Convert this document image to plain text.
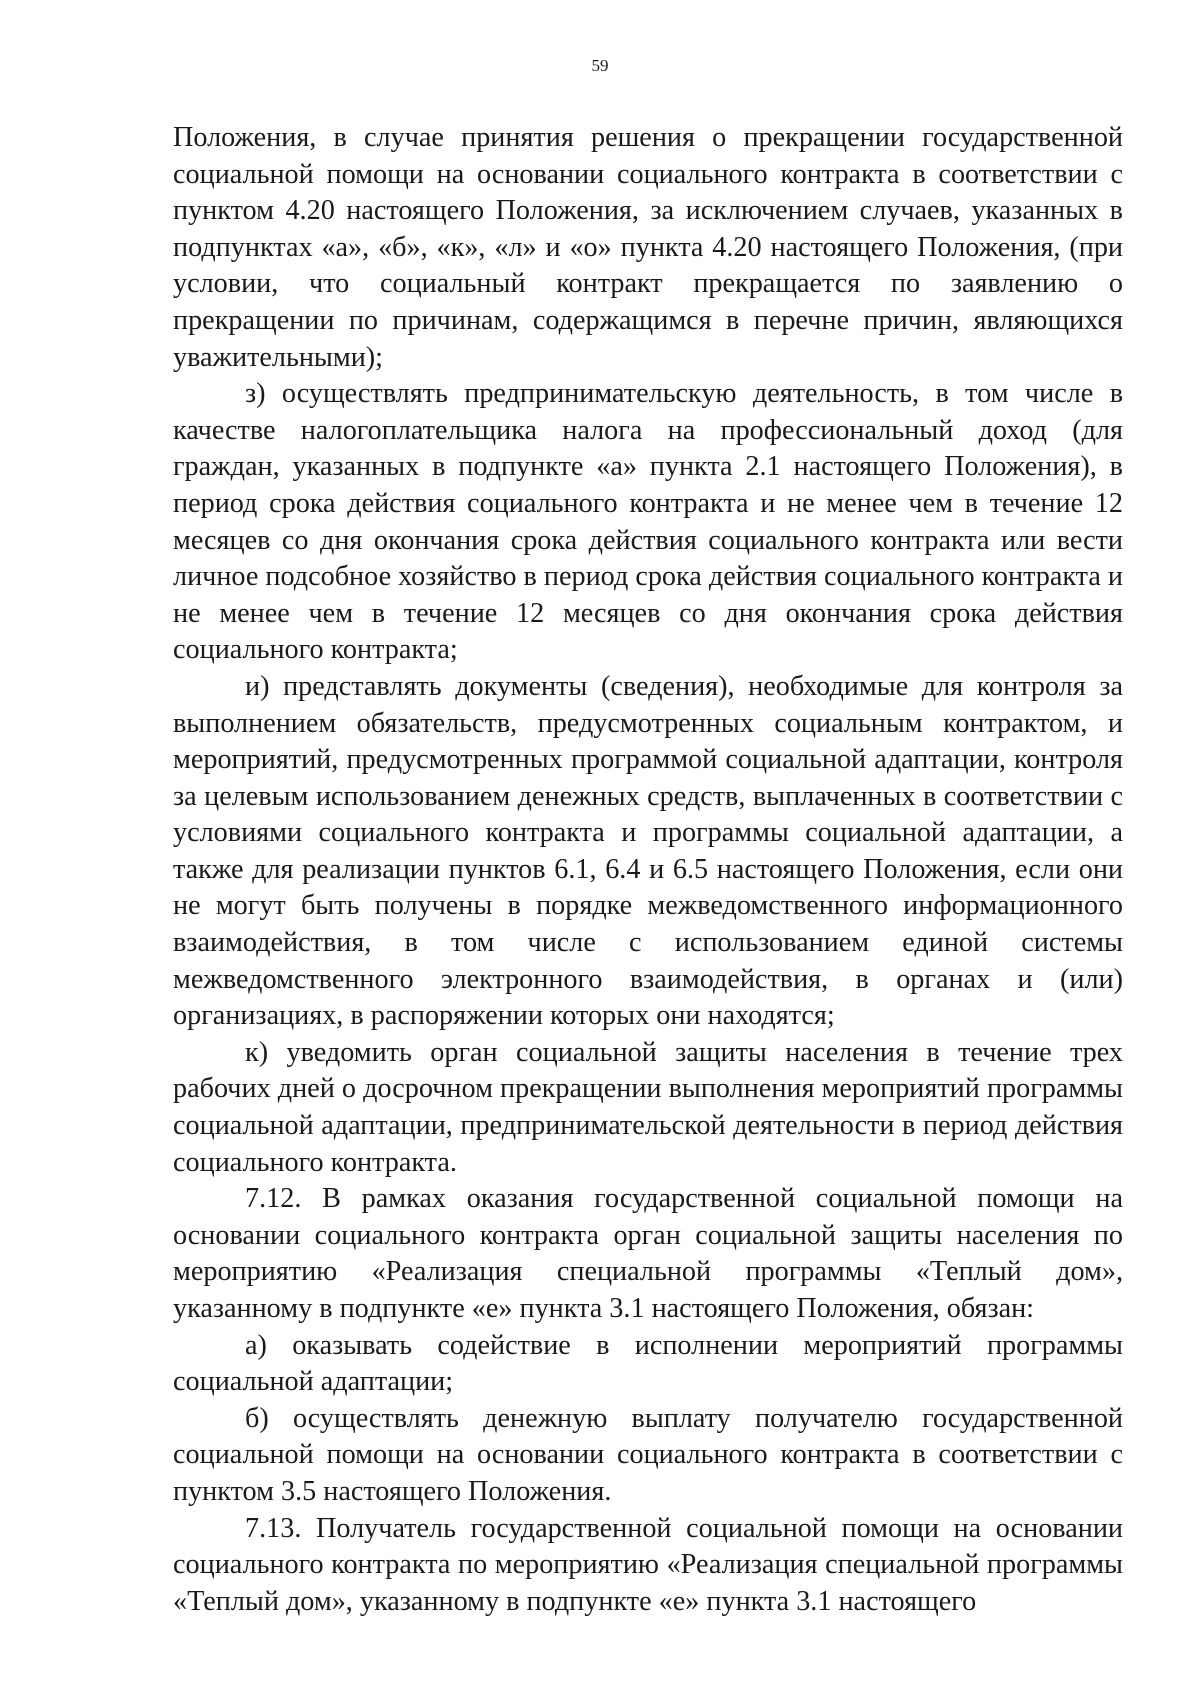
59

Положения, в случае принятия решения о прекращении государственной социальной помощи на основании социального контракта в соответствии с пунктом 4.20 настоящего Положения, за исключением случаев, указанных в подпунктах «а», «б», «к», «л» и «о» пункта 4.20 настоящего Положения, (при условии, что социальный контракт прекращается по заявлению о прекращении по причинам, содержащимся в перечне причин, являющихся уважительными);

з) осуществлять предпринимательскую деятельность, в том числе в качестве налогоплательщика налога на профессиональный доход (для граждан, указанных в подпункте «а» пункта 2.1 настоящего Положения), в период срока действия социального контракта и не менее чем в течение 12 месяцев со дня окончания срока действия социального контракта или вести личное подсобное хозяйство в период срока действия социального контракта и не менее чем в течение 12 месяцев со дня окончания срока действия социального контракта;

и) представлять документы (сведения), необходимые для контроля за выполнением обязательств, предусмотренных социальным контрактом, и мероприятий, предусмотренных программой социальной адаптации, контроля за целевым использованием денежных средств, выплаченных в соответствии с условиями социального контракта и программы социальной адаптации, а также для реализации пунктов 6.1, 6.4 и 6.5 настоящего Положения, если они не могут быть получены в порядке межведомственного информационного взаимодействия, в том числе с использованием единой системы межведомственного электронного взаимодействия, в органах и (или) организациях, в распоряжении которых они находятся;

к) уведомить орган социальной защиты населения в течение трех рабочих дней о досрочном прекращении выполнения мероприятий программы социальной адаптации, предпринимательской деятельности в период действия социального контракта.

7.12. В рамках оказания государственной социальной помощи на основании социального контракта орган социальной защиты населения по мероприятию «Реализация специальной программы «Теплый дом», указанному в подпункте «е» пункта 3.1 настоящего Положения, обязан:

а) оказывать содействие в исполнении мероприятий программы социальной адаптации;

б) осуществлять денежную выплату получателю государственной социальной помощи на основании социального контракта в соответствии с пунктом 3.5 настоящего Положения.

7.13. Получатель государственной социальной помощи на основании социального контракта по мероприятию «Реализация специальной программы «Теплый дом», указанному в подпункте «е» пункта 3.1 настоящего
